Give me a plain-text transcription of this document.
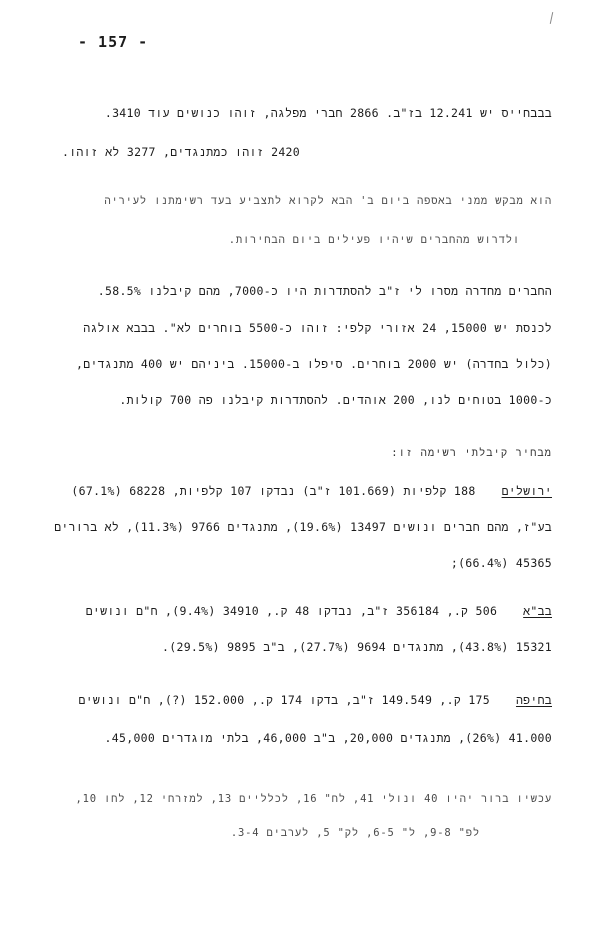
- 157 -
בבבחייס יש 12.241 בז"ב. 2866 חברי מפלגה, זוהו כנושים עוד 3410.
2420 זוהו כמתנגדים, 3277 לא זוהו.
הוא מבקש ממני באספה ביום ב' הבא לקרוא לתצביע בעד רשימתנו לעיריה
ולדרוש מהחברים שיהיו פעילים ביום הבחירות.
החברים מחדרה מסרו לי ז"ב להסתדרות היו כ-7000, מהם קיבלנו 58.5%.
לכנסת יש 15000, 24 אזורי קלפי: זוהו כ-5500 בוחרים לא". בבבא אולגה
(כלול בחדרה) יש 2000 בוחרים. סיפלו ב-15000. ביניהם יש 400 מתנגדים,
כ-1000 בטוחים לנו, 200 אוהדים. להסתדרות קיבלנו פה 700 קולות.
מבחיר קיבלתי רשימה זו:
ירושלים188 קלפיות (101.669 ז"ב) נבדקו 107 קלפיות, 68228 (67.1%)
בע"ז, מהם חברים ונושים 13497 (19.6%), מתנגדים 9766 (11.3%), לא ברורים
45365 (66.4%);
בב"א506 ק., 356184 ז"ב, נבדקו 48 ק., 34910 (9.4%), ח"ם ונושים
15321 (43.8%), מתנגדים 9694 (27.7%), ב"ב 9895 (29.5%).
בחיפה175 ק., 149.549 ז"ב, בדקו 174 ק., 152.000 (?), ח"ם ונושים
41.000 (26%), מתנגדים 20,000, ב"ב 46,000, בלתי מוגדרים 45,000.
עכשיו ברור יהיו 40 ונולי 41, לח" 16, לכלליים 13, למזרחי 12, לחו 10,
לפ" 9-8, ל" 6-5, לק" 5, לערבים 3-4.
